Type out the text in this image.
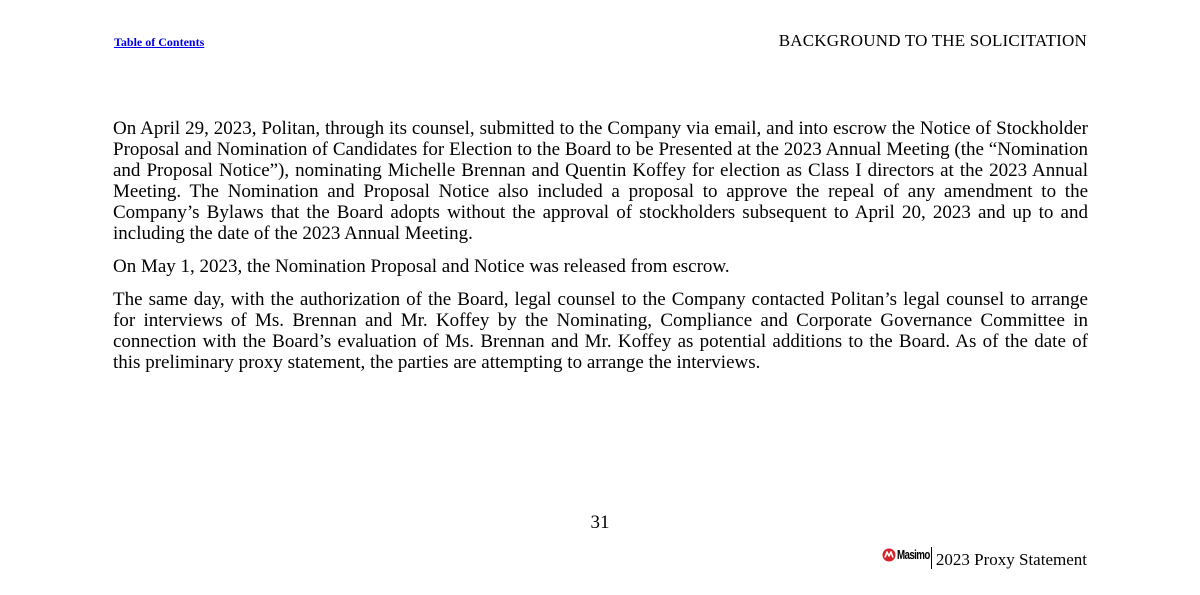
Table of Contents	BACKGROUND TO THE SOLICITATION

On April 29, 2023, Politan, through its counsel, submitted to the Company via email, and into escrow the Notice of Stockholder Proposal and Nomination of Candidates for Election to the Board to be Presented at the 2023 Annual Meeting (the “Nomination and Proposal Notice”), nominating Michelle Brennan and Quentin Koffey for election as Class I directors at the 2023 Annual Meeting. The Nomination and Proposal Notice also included a proposal to approve the repeal of any amendment to the Company’s Bylaws that the Board adopts without the approval of stockholders subsequent to April 20, 2023 and up to and including the date of the 2023 Annual Meeting.

On May 1, 2023, the Nomination Proposal and Notice was released from escrow.

The same day, with the authorization of the Board, legal counsel to the Company contacted Politan’s legal counsel to arrange for interviews of Ms. Brennan and Mr. Koffey by the Nominating, Compliance and Corporate Governance Committee in connection with the Board’s evaluation of Ms. Brennan and Mr. Koffey as potential additions to the Board. As of the date of this preliminary proxy statement, the parties are attempting to arrange the interviews.

31
Masimo 2023 Proxy Statement
